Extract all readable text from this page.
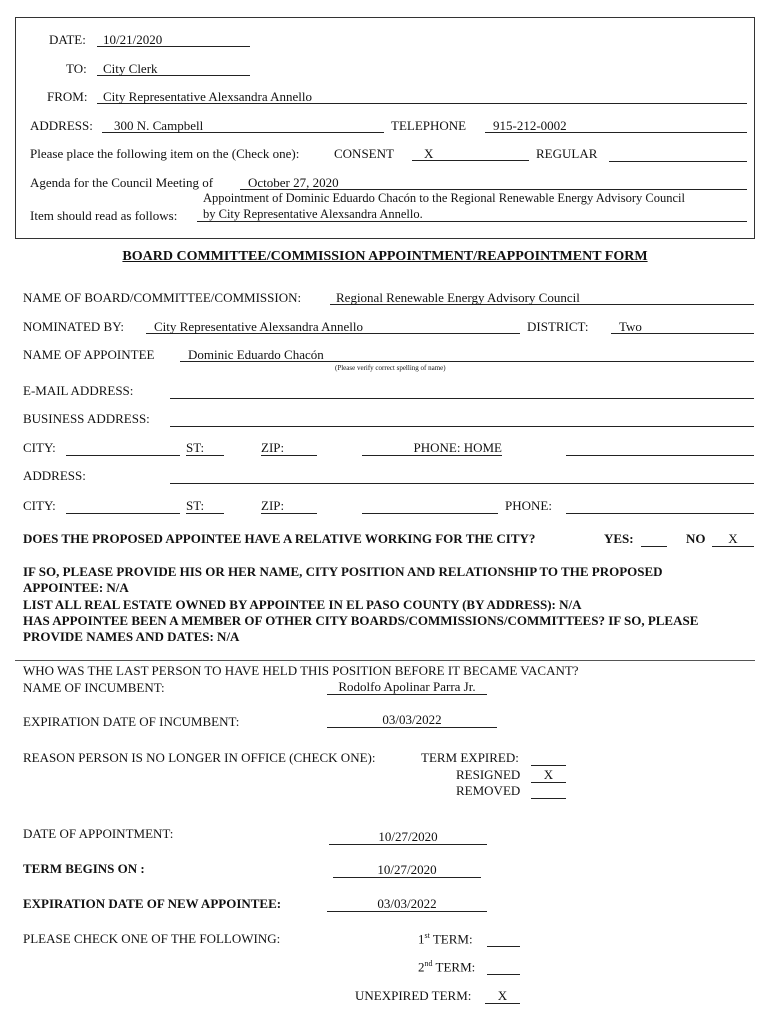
DATE:	10/21/2020
TO:	City Clerk
FROM:	City Representative Alexsandra Annello
ADDRESS:	300 N. Campbell	TELEPHONE	915-212-0002
Please place the following item on the (Check one):	CONSENT	X	REGULAR
Agenda for the Council Meeting of	October 27, 2020
Item should read as follows:
Appointment of Dominic Eduardo Chacón to the Regional Renewable Energy Advisory Council
by City Representative Alexsandra Annello.
BOARD COMMITTEE/COMMISSION APPOINTMENT/REAPPOINTMENT FORM
NAME OF BOARD/COMMITTEE/COMMISSION:	Regional Renewable Energy Advisory Council
NOMINATED BY:	City Representative Alexsandra Annello	DISTRICT:	Two
NAME OF APPOINTEE	Dominic Eduardo Chacón
(Please verify correct spelling of name)
E-MAIL ADDRESS:
BUSINESS ADDRESS:
CITY:	ST:	ZIP:	PHONE: HOME
ADDRESS:
CITY:	ST:	ZIP:	PHONE:
DOES THE PROPOSED APPOINTEE HAVE A RELATIVE WORKING FOR THE CITY?	YES:	NO	X
IF SO, PLEASE PROVIDE HIS OR HER NAME, CITY POSITION AND RELATIONSHIP TO THE PROPOSED
APPOINTEE: N/A
LIST ALL REAL ESTATE OWNED BY APPOINTEE IN EL PASO COUNTY (BY ADDRESS): N/A
HAS APPOINTEE BEEN A MEMBER OF OTHER CITY BOARDS/COMMISSIONS/COMMITTEES? IF SO, PLEASE
PROVIDE NAMES AND DATES: N/A
WHO WAS THE LAST PERSON TO HAVE HELD THIS POSITION BEFORE IT BECAME VACANT?
NAME OF INCUMBENT:	Rodolfo Apolinar Parra Jr.
EXPIRATION DATE OF INCUMBENT:	03/03/2022
REASON PERSON IS NO LONGER IN OFFICE (CHECK ONE):	TERM EXPIRED:
RESIGNED	X
REMOVED
DATE OF APPOINTMENT:	10/27/2020
TERM BEGINS ON :	10/27/2020
EXPIRATION DATE OF NEW APPOINTEE:	03/03/2022
PLEASE CHECK ONE OF THE FOLLOWING:	1st TERM:
2nd TERM:
UNEXPIRED TERM:	X
